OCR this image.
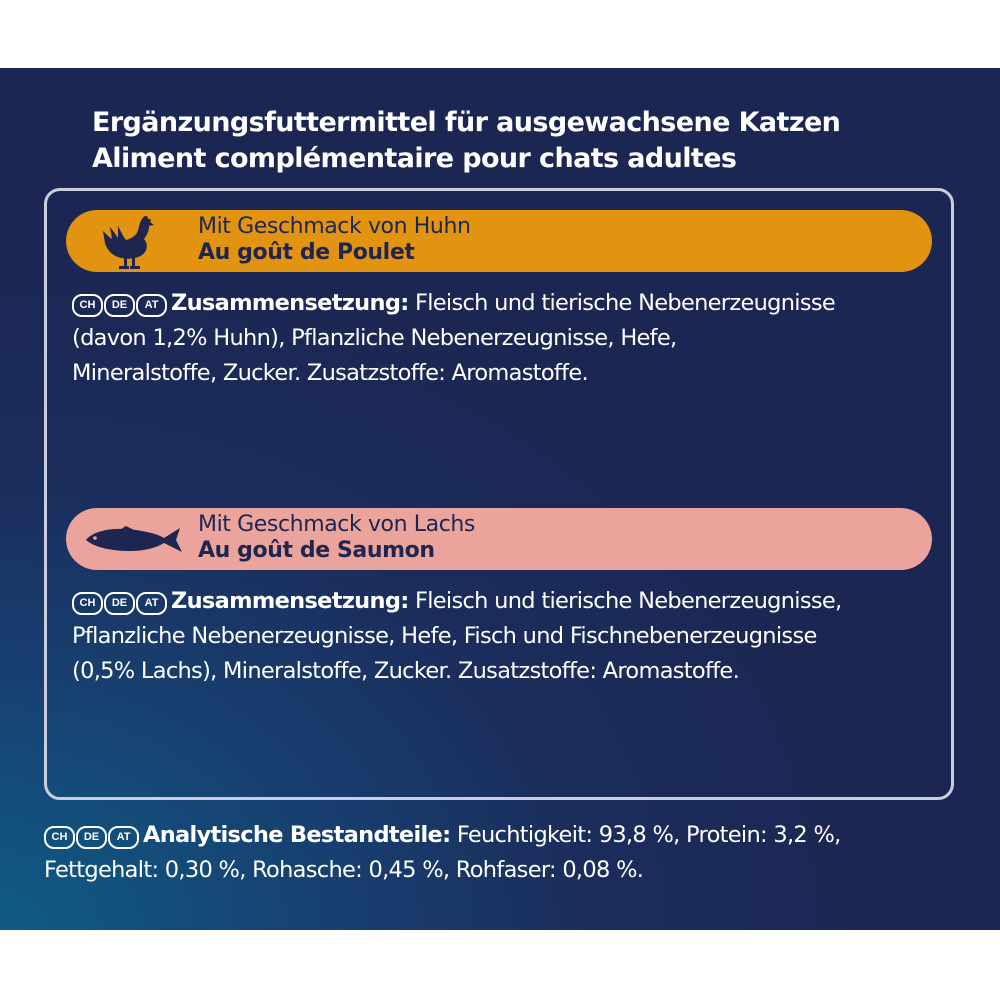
Ergänzungsfuttermittel für ausgewachsene Katzen
Aliment complémentaire pour chats adultes
Mit Geschmack von Huhn
Au goût de Poulet
CH	DE	AT Zusammensetzung: Fleisch und tierische Nebenerzeugnisse
(davon 1,2% Huhn), Pflanzliche Nebenerzeugnisse, Hefe,
Mineralstoffe, Zucker. Zusatzstoffe: Aromastoffe.
Mit Geschmack von Lachs
Au goût de Saumon
CH	DE	AT Zusammensetzung: Fleisch und tierische Nebenerzeugnisse,
Pflanzliche Nebenerzeugnisse, Hefe, Fisch und Fischnebenerzeugnisse
(0,5% Lachs), Mineralstoffe, Zucker. Zusatzstoffe: Aromastoffe.
CH	DE	AT Analytische Bestandteile: Feuchtigkeit: 93,8 %, Protein: 3,2 %,
Fettgehalt: 0,30 %, Rohasche: 0,45 %, Rohfaser: 0,08 %.
